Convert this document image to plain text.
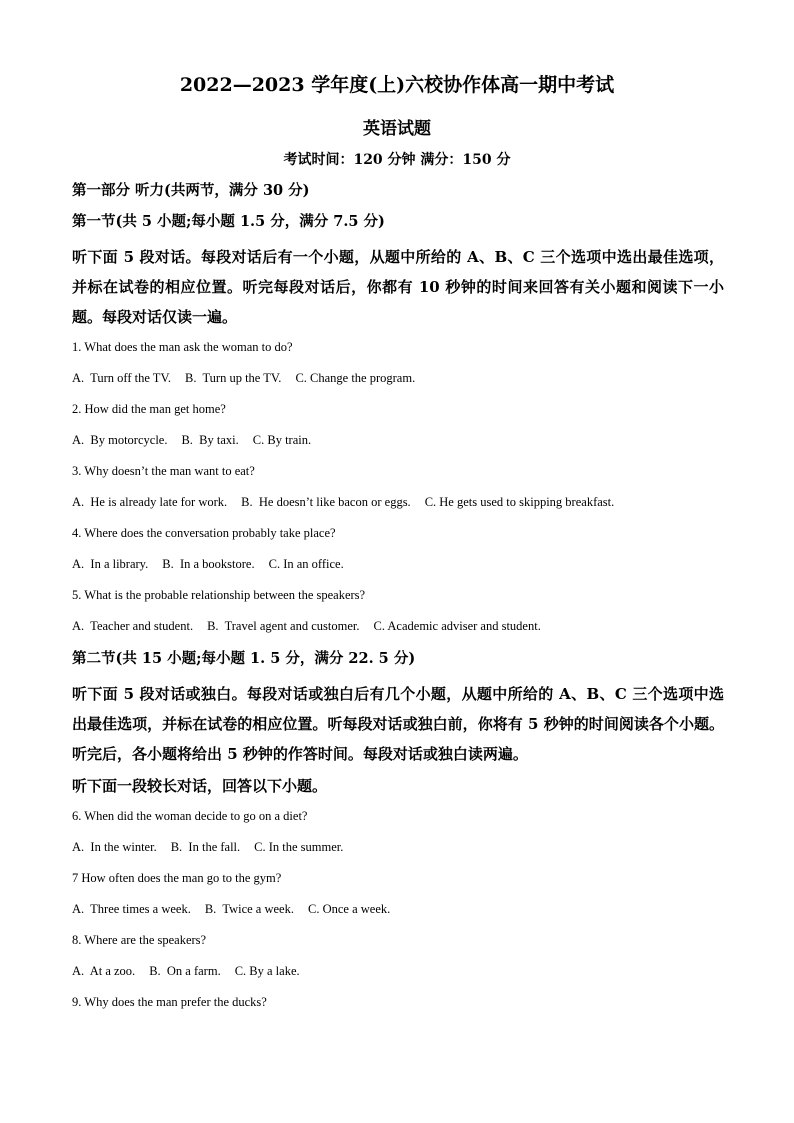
2022—2023 学年度(上)六校协作体高一期中考试
英语试题
考试时间：120 分钟 满分：150 分
第一部分 听力(共两节，满分 30 分)
第一节(共 5 小题;每小题 1.5 分，满分 7.5 分)
听下面 5 段对话。每段对话后有一个小题，从题中所给的 A、B、C 三个选项中选出最佳选项，并标在试卷的相应位置。听完每段对话后，你都有 10 秒钟的时间来回答有关小题和阅读下一小题。每段对话仅读一遍。
1. What does the man ask the woman to do?
A.  Turn off the TV. B.  Turn up the TV. C. Change the program.
2. How did the man get home?
A.  By motorcycle. B.  By taxi. C. By train.
3. Why doesn’t the man want to eat?
A.  He is already late for work. B.  He doesn’t like bacon or eggs. C. He gets used to skipping breakfast.
4. Where does the conversation probably take place?
A.  In a library. B.  In a bookstore. C. In an office.
5. What is the probable relationship between the speakers?
A.  Teacher and student. B.  Travel agent and customer. C. Academic adviser and student.
第二节(共 15 小题;每小题 1. 5 分，满分 22. 5 分)
听下面 5 段对话或独白。每段对话或独白后有几个小题，从题中所给的 A、B、C 三个选项中选出最佳选项，并标在试卷的相应位置。听每段对话或独白前，你将有 5 秒钟的时间阅读各个小题。听完后，各小题将给出 5 秒钟的作答时间。每段对话或独白读两遍。
听下面一段较长对话，回答以下小题。
6. When did the woman decide to go on a diet?
A.  In the winter. B.  In the fall. C. In the summer.
7 How often does the man go to the gym?
A.  Three times a week. B.  Twice a week. C. Once a week.
8. Where are the speakers?
A.  At a zoo. B.  On a farm. C. By a lake.
9. Why does the man prefer the ducks?
